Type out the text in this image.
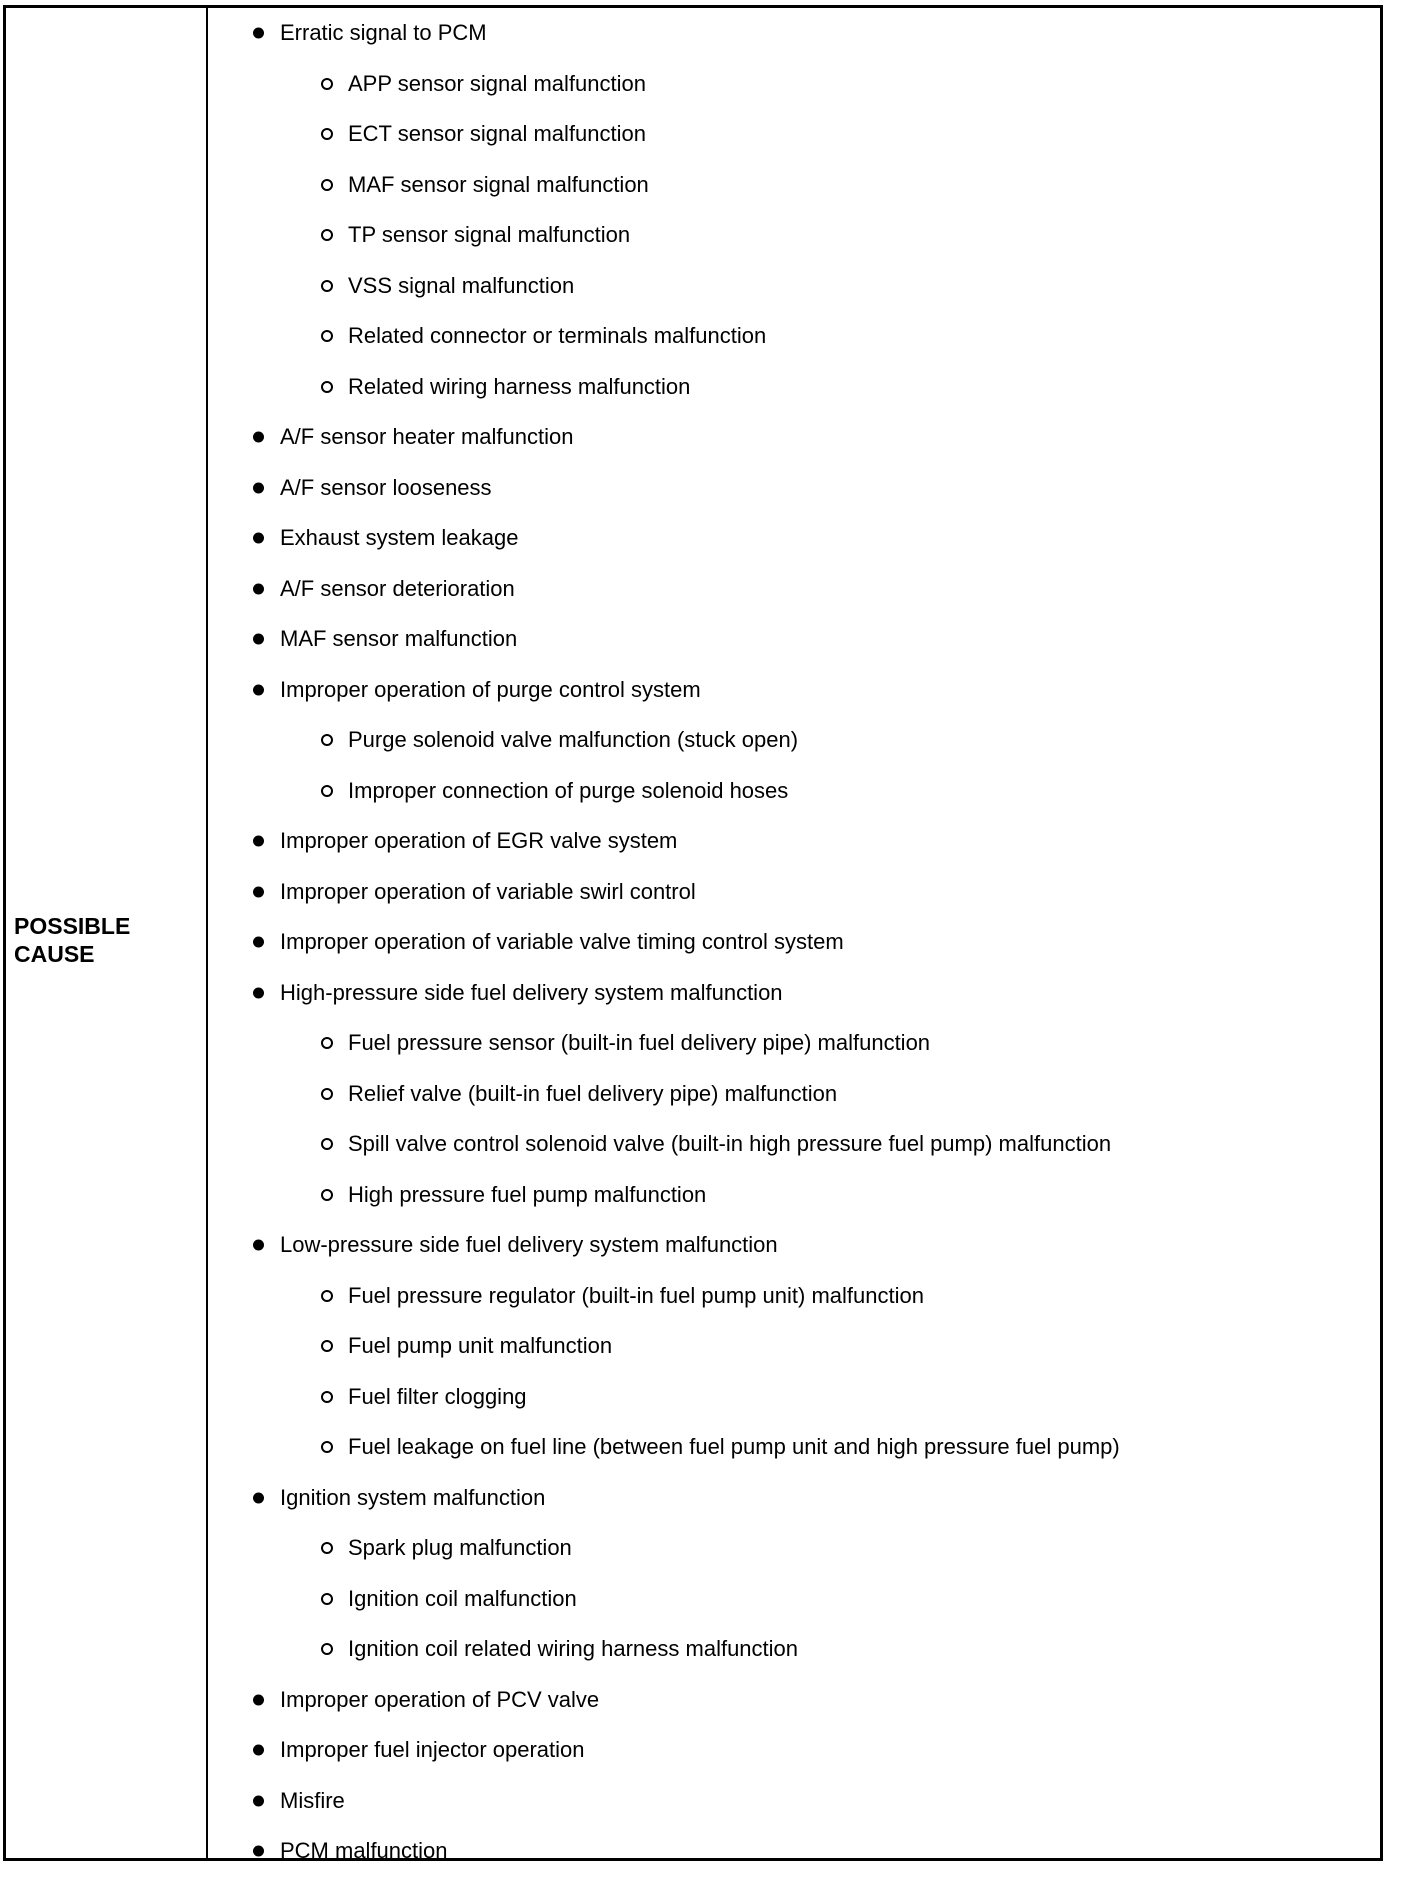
POSSIBLE CAUSE
Erratic signal to PCM
APP sensor signal malfunction
ECT sensor signal malfunction
MAF sensor signal malfunction
TP sensor signal malfunction
VSS signal malfunction
Related connector or terminals malfunction
Related wiring harness malfunction
A/F sensor heater malfunction
A/F sensor looseness
Exhaust system leakage
A/F sensor deterioration
MAF sensor malfunction
Improper operation of purge control system
Purge solenoid valve malfunction (stuck open)
Improper connection of purge solenoid hoses
Improper operation of EGR valve system
Improper operation of variable swirl control
Improper operation of variable valve timing control system
High-pressure side fuel delivery system malfunction
Fuel pressure sensor (built-in fuel delivery pipe) malfunction
Relief valve (built-in fuel delivery pipe) malfunction
Spill valve control solenoid valve (built-in high pressure fuel pump) malfunction
High pressure fuel pump malfunction
Low-pressure side fuel delivery system malfunction
Fuel pressure regulator (built-in fuel pump unit) malfunction
Fuel pump unit malfunction
Fuel filter clogging
Fuel leakage on fuel line (between fuel pump unit and high pressure fuel pump)
Ignition system malfunction
Spark plug malfunction
Ignition coil malfunction
Ignition coil related wiring harness malfunction
Improper operation of PCV valve
Improper fuel injector operation
Misfire
PCM malfunction
